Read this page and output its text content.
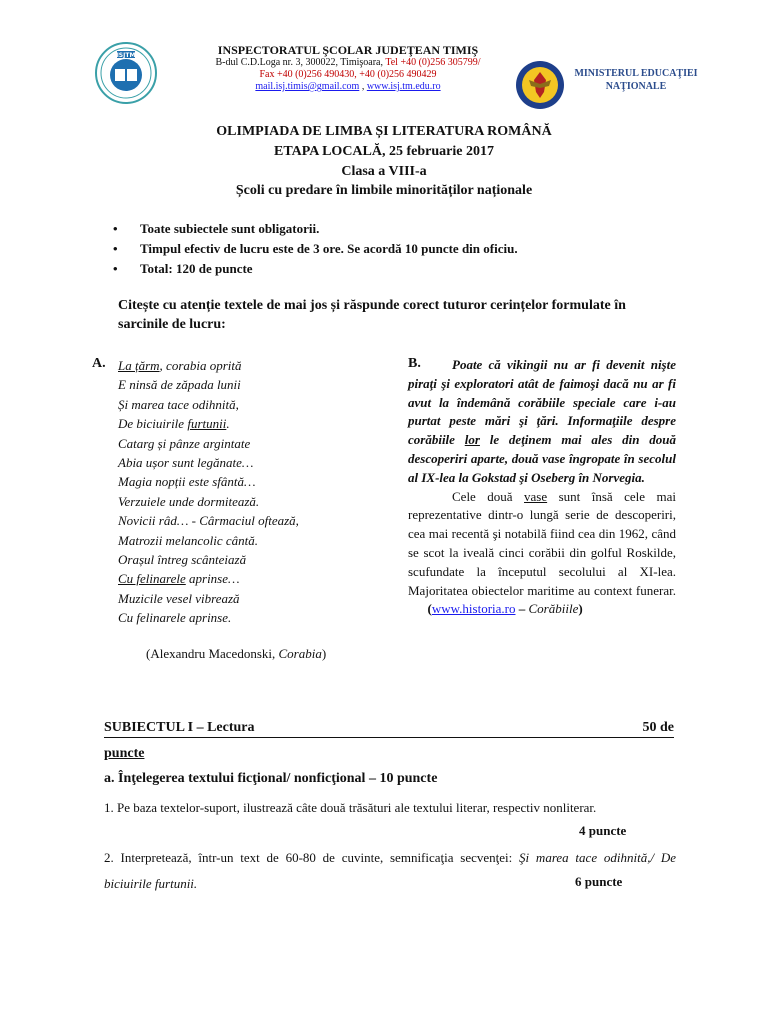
ISJTM	INSPECTORATUL ŞCOLAR JUDEŢEAN TIMIŞ
B-dul C.D.Loga nr. 3, 300022, Timişoara, Tel +40 (0)256 305799/
Fax +40 (0)256 490430, +40 (0)256 490429
mail.isj.timis@gmail.com , www.isj.tm.edu.ro
MINISTERUL EDUCAŢIEI NAŢIONALE
OLIMPIADA DE LIMBA ȘI LITERATURA ROMÂNĂ
ETAPA LOCALĂ, 25 februarie 2017
Clasa a VIII-a
Școli cu predare în limbile minorităților naționale
• Toate subiectele sunt obligatorii.
• Timpul efectiv de lucru este de 3 ore. Se acordă 10 puncte din oficiu.
• Total: 120 de puncte
Citește cu atenție textele de mai jos și răspunde corect tuturor cerințelor formulate în sarcinile de lucru:
A. La țărm, corabia oprită
E ninsă de zăpada lunii
Și marea tace odihnită,
De biciuirile furtunii.
Catarg și pânze argintate
Abia ușor sunt legănate…
Magia nopții este sfântă…
Verzuiele unde dormitează.
Novicii râd… - Cârmaciul oftează,
Matrozii melancolic cântă.
Orașul întreg scânteiază
Cu felinarele aprinse…
Muzicile vesel vibrează
Cu felinarele aprinse.
(Alexandru Macedonski, Corabia)
B.	Poate că vikingii nu ar fi devenit nişte piraţi şi exploratori atât de faimoşi dacă nu ar fi avut la îndemână corăbiile speciale care i-au purtat peste mări şi ţări. Informaţiile despre corăbiile lor le deţinem mai ales din două descoperiri aparte, două vase îngropate în secolul al IX-lea la Gokstad şi Oseberg în Norvegia.
Cele două vase sunt însă cele mai reprezentative dintr-o lungă serie de descoperiri, cea mai recentă şi notabilă fiind cea din 1962, când se scot la iveală cinci corăbii din golful Roskilde, scufundate la începutul secolului al XI-lea. Majoritatea obiectelor maritime au context funerar.       (www.historia.ro – Corăbiile)
SUBIECTUL I – Lectura	50 de
puncte
a. Înţelegerea textului ficţional/ nonficţional – 10 puncte
1. Pe baza textelor-suport, ilustrează câte două trăsături ale textului literar, respectiv nonliterar.
4 puncte
2. Interpretează, într-un text de 60-80 de cuvinte, semnificaţia secvenţei: Şi marea tace odihnită,/ De biciuirile furtunii.	6 puncte
